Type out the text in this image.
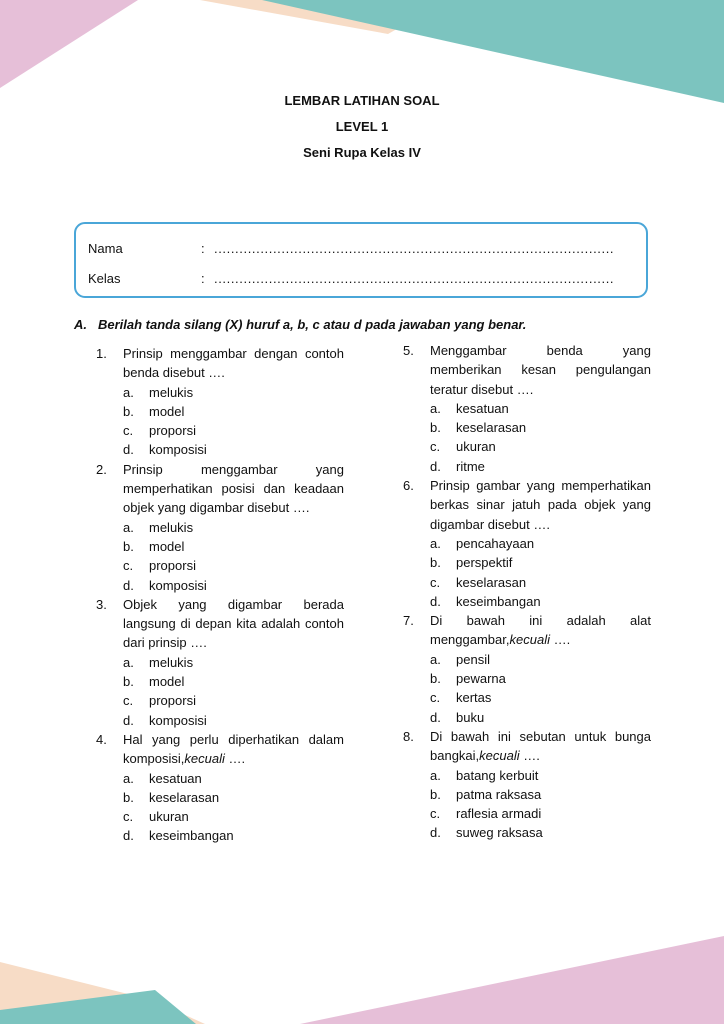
LEMBAR LATIHAN SOAL
LEVEL 1
Seni Rupa Kelas IV
Nama	: ...............................................................................................
Kelas	: ...............................................................................................
A. Berilah tanda silang (X) huruf a, b, c atau d pada jawaban yang benar.
1. Prinsip menggambar dengan contoh benda disebut ….
a. melukis
b. model
c. proporsi
d. komposisi
2. Prinsip menggambar yang memperhatikan posisi dan keadaan objek yang digambar disebut ….
a. melukis
b. model
c. proporsi
d. komposisi
3. Objek yang digambar berada langsung di depan kita adalah contoh dari prinsip ….
a. melukis
b. model
c. proporsi
d. komposisi
4. Hal yang perlu diperhatikan dalam komposisi,kecuali ….
a. kesatuan
b. keselarasan
c. ukuran
d. keseimbangan
5. Menggambar benda yang memberikan kesan pengulangan teratur disebut ….
a. kesatuan
b. keselarasan
c. ukuran
d. ritme
6. Prinsip gambar yang memperhatikan berkas sinar jatuh pada objek yang digambar disebut ….
a. pencahayaan
b. perspektif
c. keselarasan
d. keseimbangan
7. Di bawah ini adalah alat menggambar,kecuali ….
a. pensil
b. pewarna
c. kertas
d. buku
8. Di bawah ini sebutan untuk bunga bangkai,kecuali ….
a. batang kerbuit
b. patma raksasa
c. raflesia armadi
d. suweg raksasa
